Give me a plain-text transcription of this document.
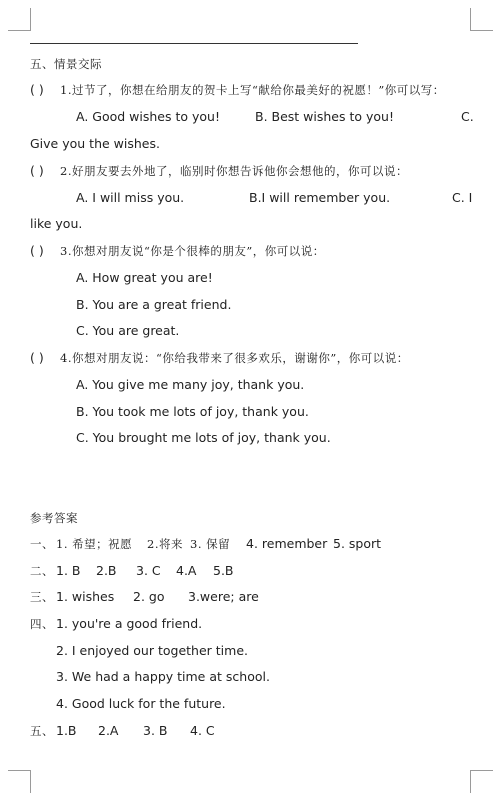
五、情景交际
( ) 1.过节了，你想在给朋友的贺卡上写“献给你最美好的祝愿！”你可以写：
A. Good wishes to you!	B. Best wishes to you!	C.
Give you the wishes.
( ) 2.好朋友要去外地了，临别时你想告诉他你会想他的，你可以说：
A. I will miss you.	B.I will remember you.	C. I
like you.
( ) 3.你想对朋友说“你是个很棒的朋友”，你可以说：
A. How great you are!
B. You are a great friend.
C. You are great.
( ) 4.你想对朋友说：“你给我带来了很多欢乐，谢谢你”，你可以说：
A. You give me many joy, thank you.
B. You took me lots of joy, thank you.
C. You brought me lots of joy, thank you.
参考答案
一、 1. 希望；祝愿 2.将来 3. 保留 4. remember 5. sport
二、 1. B 2.B 3. C 4.A 5.B
三、 1. wishes 2. go 3.were; are
四、 1. you're a good friend.
2. I enjoyed our together time.
3. We had a happy time at school.
4. Good luck for the future.
五、 1.B 2.A 3. B 4. C
